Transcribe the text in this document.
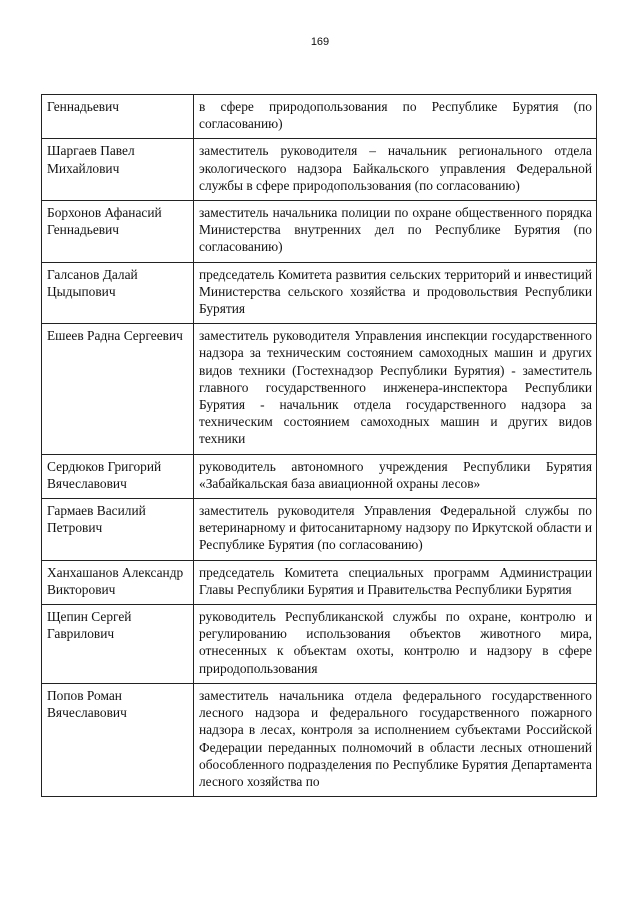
169
Геннадьевич	в сфере природопользования по Республике Бурятия (по согласованию)
Шаргаев Павел Михайлович	заместитель руководителя – начальник регионального отдела экологического надзора Байкальского управления Федеральной службы в сфере природопользования (по согласованию)
Борхонов Афанасий Геннадьевич	заместитель начальника полиции по охране общественного порядка Министерства внутренних дел по Республике Бурятия (по согласованию)
Галсанов Далай Цыдыпович	председатель Комитета развития сельских территорий и инвестиций Министерства сельского хозяйства и продовольствия Республики Бурятия
Ешеев Радна Сергеевич	заместитель руководителя Управления инспекции государственного надзора за техническим состоянием самоходных машин и других видов техники (Гостехнадзор Республики Бурятия) - заместитель главного государственного инженера-инспектора Республики Бурятия - начальник отдела государственного надзора за техническим состоянием самоходных машин и других видов техники
Сердюков Григорий Вячеславович	руководитель автономного учреждения Республики Бурятия «Забайкальская база авиационной охраны лесов»
Гармаев Василий Петрович	заместитель руководителя Управления Федеральной службы по ветеринарному и фитосанитарному надзору по Иркутской области и Республике Бурятия (по согласованию)
Ханхашанов Александр Викторович	председатель Комитета специальных программ Администрации Главы Республики Бурятия и Правительства Республики Бурятия
Щепин Сергей Гаврилович	руководитель Республиканской службы по охране, контролю и регулированию использования объектов животного мира, отнесенных к объектам охоты, контролю и надзору в сфере природопользования
Попов Роман Вячеславович	заместитель начальника отдела федерального государственного лесного надзора и федерального государственного пожарного надзора в лесах, контроля за исполнением субъектами Российской Федерации переданных полномочий в области лесных отношений обособленного подразделения по Республике Бурятия Департамента лесного хозяйства по
